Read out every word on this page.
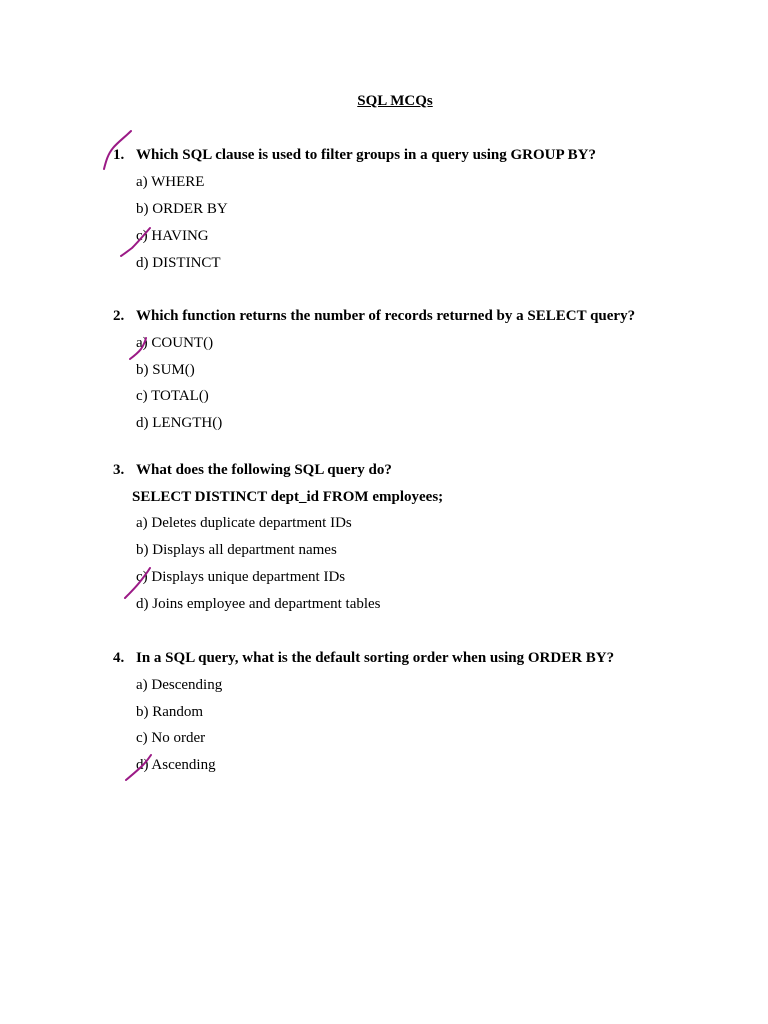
SQL MCQs
1. Which SQL clause is used to filter groups in a query using GROUP BY?
a) WHERE
b) ORDER BY
c) HAVING
d) DISTINCT
2. Which function returns the number of records returned by a SELECT query?
a) COUNT()
b) SUM()
c) TOTAL()
d) LENGTH()
3. What does the following SQL query do?
SELECT DISTINCT dept_id FROM employees;
a) Deletes duplicate department IDs
b) Displays all department names
c) Displays unique department IDs
d) Joins employee and department tables
4. In a SQL query, what is the default sorting order when using ORDER BY?
a) Descending
b) Random
c) No order
d) Ascending
